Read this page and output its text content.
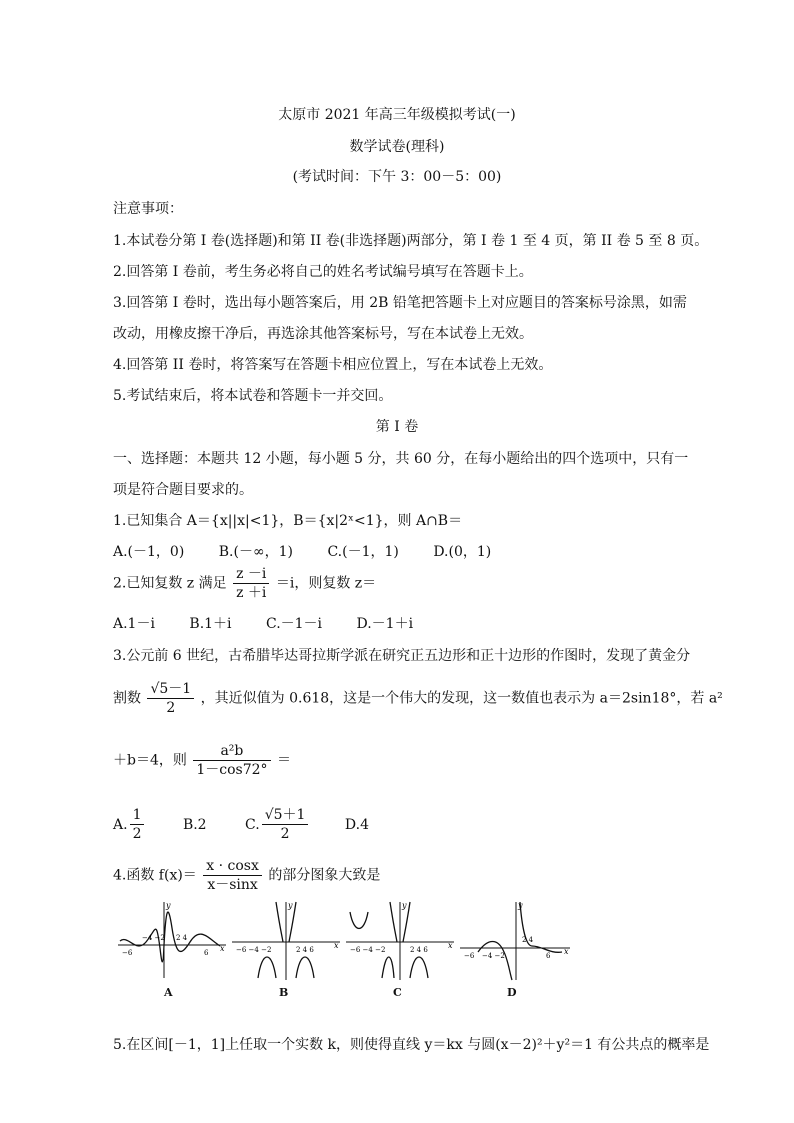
太原市 2021 年高三年级模拟考试(一)
数学试卷(理科)
(考试时间：下午 3：00－5：00)
注意事项：
1.本试卷分第 I 卷(选择题)和第 II 卷(非选择题)两部分，第 I 卷 1 至 4 页，第 II 卷 5 至 8 页。
2.回答第 I 卷前，考生务必将自己的姓名考试编号填写在答题卡上。
3.回答第 I 卷时，选出每小题答案后，用 2B 铅笔把答题卡上对应题目的答案标号涂黑，如需
改动，用橡皮擦干净后，再选涂其他答案标号，写在本试卷上无效。
4.回答第 II 卷时，将答案写在答题卡相应位置上，写在本试卷上无效。
5.考试结束后，将本试卷和答题卡一并交回。
第 I 卷
一、选择题：本题共 12 小题，每小题 5 分，共 60 分，在每小题给出的四个选项中，只有一
项是符合题目要求的。
1.已知集合 A＝{x||x|<1}，B＝{x|2ˣ<1}，则 A∩B＝
A.(－1，0) B.(－∞，1) C.(－1，1) D.(0，1)
2.已知复数 z 满足 $\frac{z -i}{z +i} =i$，则复数 z＝
A.1－i B.1＋i C.－1－i D.－1＋i
3.公元前 6 世纪，古希腊毕达哥拉斯学派在研究正五边形和正十边形的作图时，发现了黄金分
割数 $\frac{√5-1}{2}$ ，其近似值为 0.618，这是一个伟大的发现，这一数值也表示为 a＝2sin18°，若 a²
＋b＝4，则 $\frac{\text{a²b}}{1-\cos 72^\circ}$ ＝
A. $\frac{1}{2}$	B.2	C. $\frac{√5+1}{2}$	D.4
4.函数 $f(x)= \frac{x \cdot \cos x}{x-\sin x}$ 的部分图象大致是
x
y
−6
−4 −2 2 4
6
A
x
y
−6 −4 −2	2 4 6
B
x
y
−6 −4 −2	2 4 6
C
x
y
−6 −4 −2
2 4
6
D
5.在区间[－1，1]上任取一个实数 k，则使得直线 y＝kx 与圆(x－2)²＋y²＝1 有公共点的概率是
